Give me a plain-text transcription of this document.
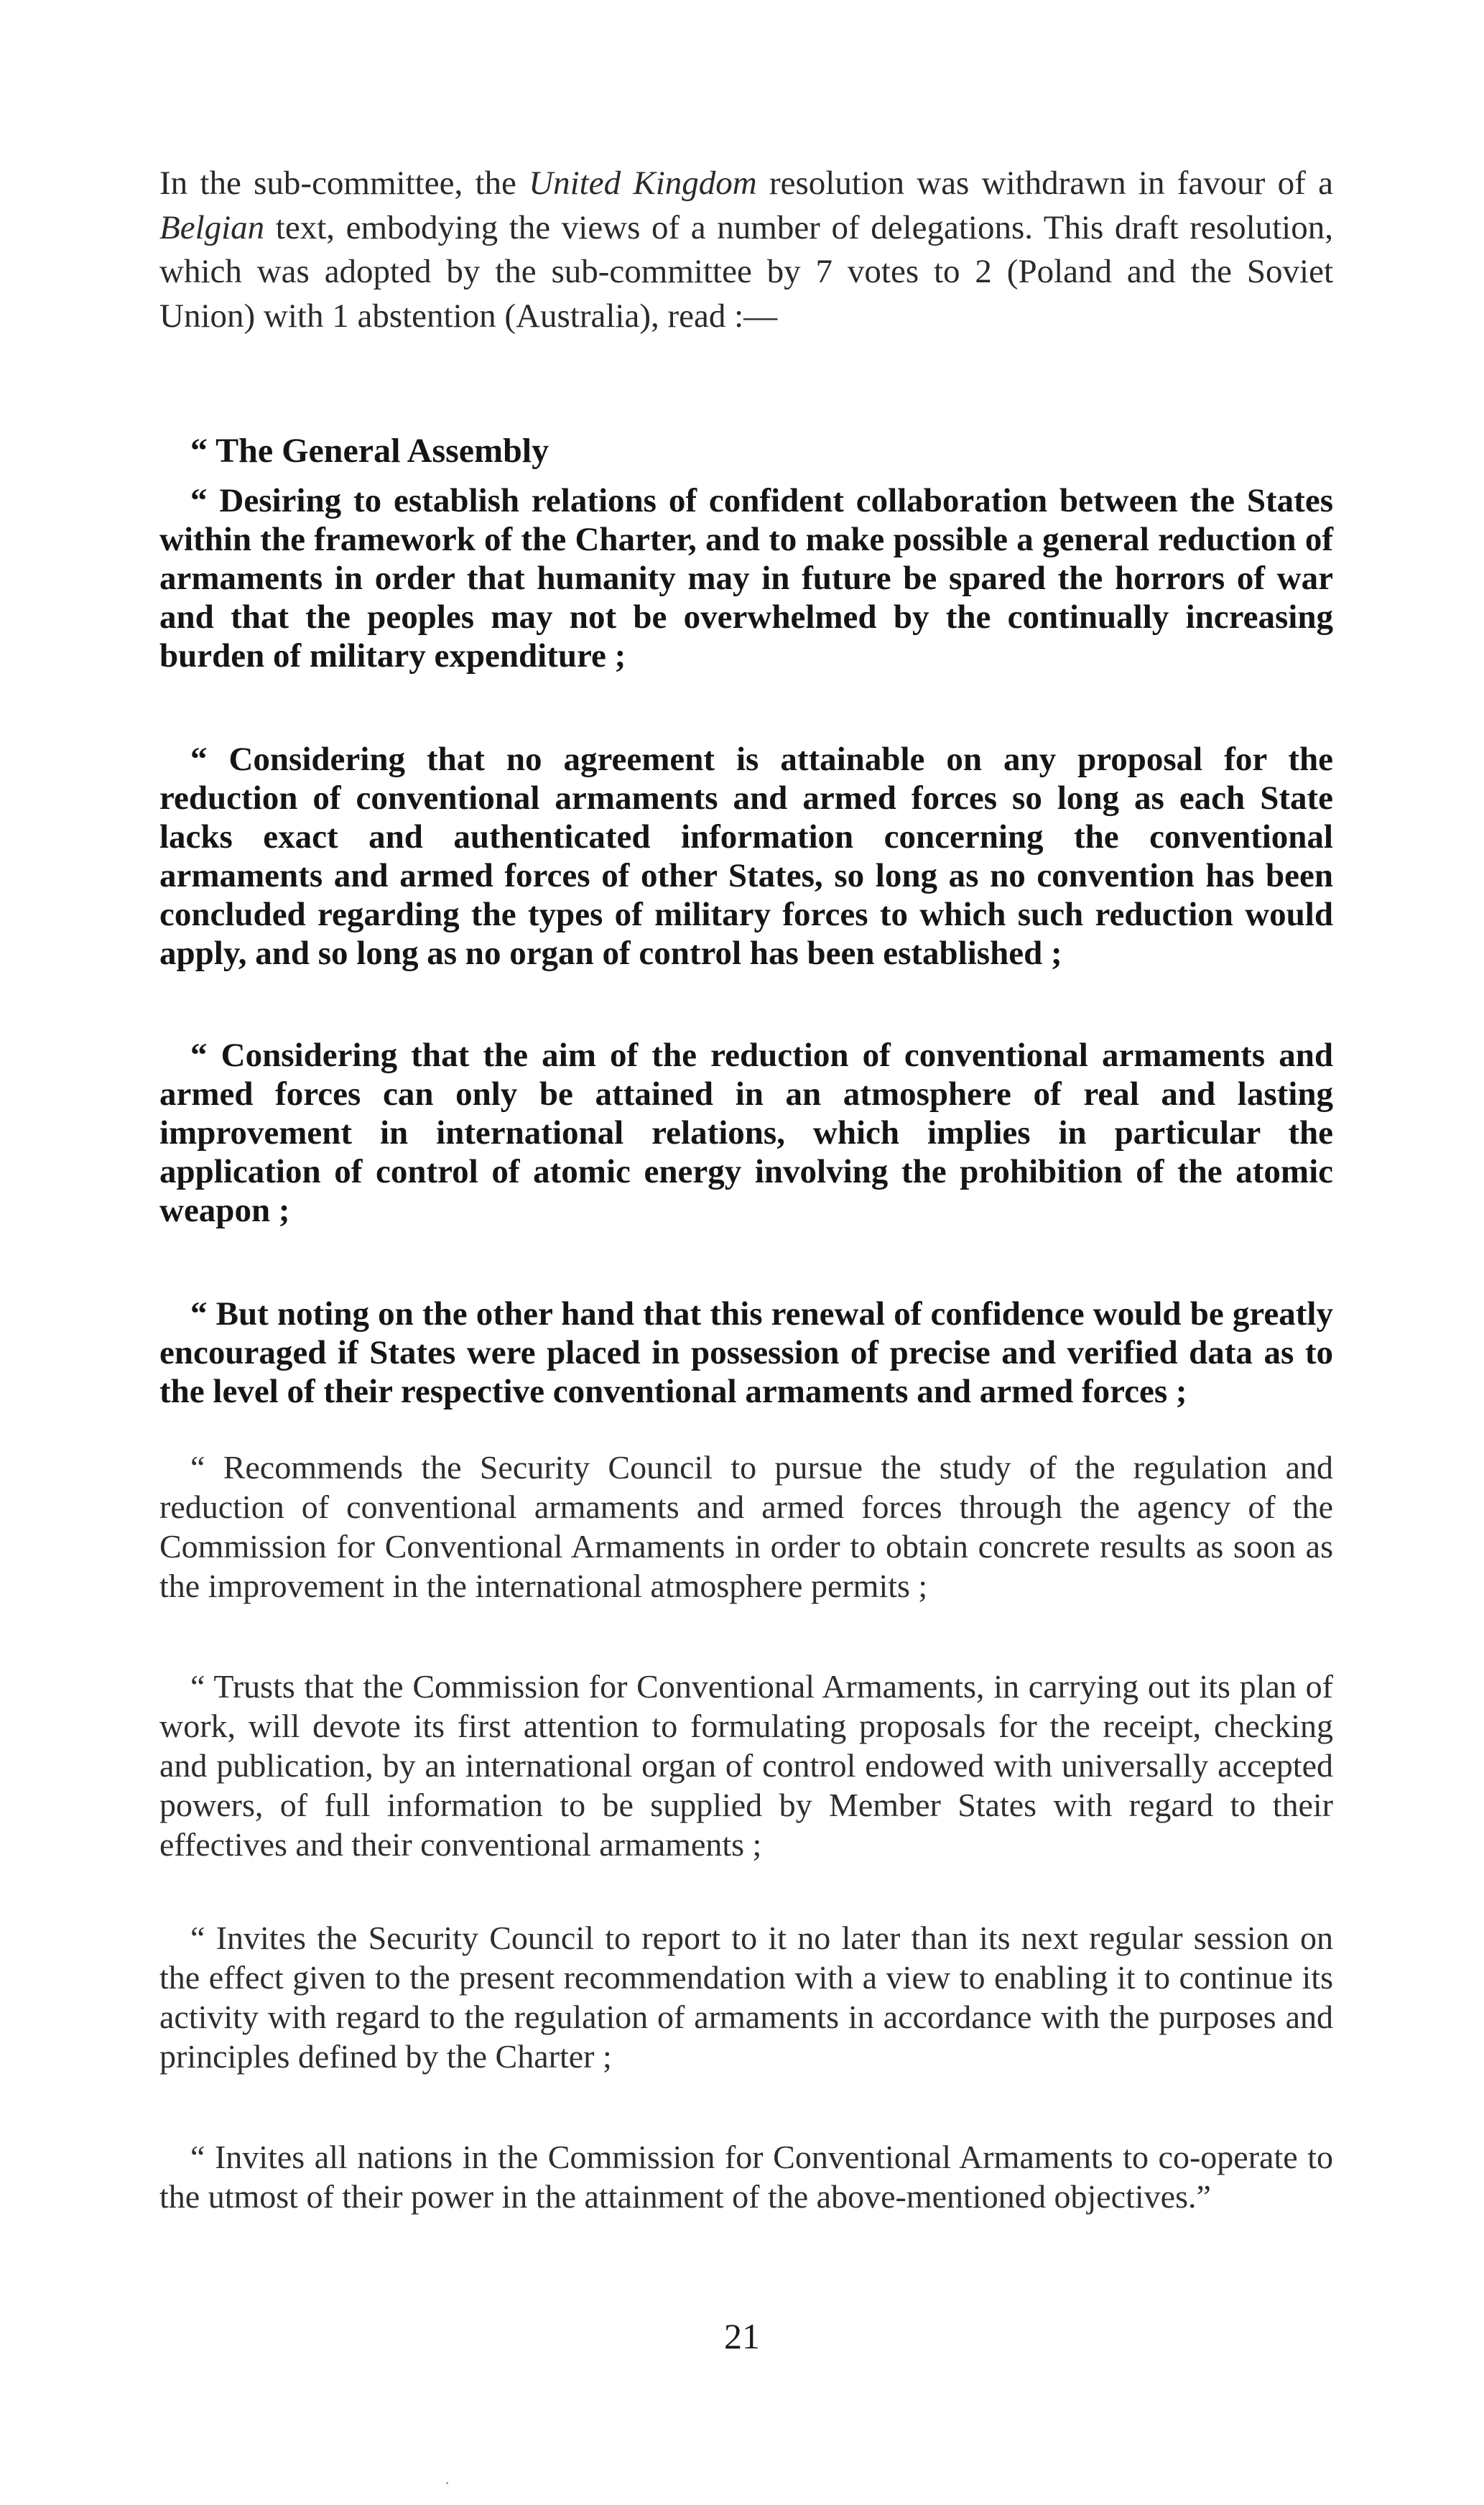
In the sub-committee, the United Kingdom resolution was withdrawn in favour of a Belgian text, embodying the views of a number of delegations. This draft resolution, which was adopted by the sub-committee by 7 votes to 2 (Poland and the Soviet Union) with 1 abstention (Australia), read :—

“ The General Assembly

“ Desiring to establish relations of confident collaboration between the States within the framework of the Charter, and to make possible a general reduction of armaments in order that humanity may in future be spared the horrors of war and that the peoples may not be overwhelmed by the continually increasing burden of military expenditure ;

“ Considering that no agreement is attainable on any proposal for the reduction of conventional armaments and armed forces so long as each State lacks exact and authenticated information concerning the conventional armaments and armed forces of other States, so long as no convention has been concluded regarding the types of military forces to which such reduction would apply, and so long as no organ of control has been established ;

“ Considering that the aim of the reduction of conventional armaments and armed forces can only be attained in an atmosphere of real and lasting improvement in international relations, which implies in particular the application of control of atomic energy involving the prohibition of the atomic weapon ;

“ But noting on the other hand that this renewal of confidence would be greatly encouraged if States were placed in possession of precise and verified data as to the level of their respective conventional armaments and armed forces ;

“ Recommends the Security Council to pursue the study of the regulation and reduction of conventional armaments and armed forces through the agency of the Commission for Conventional Armaments in order to obtain concrete results as soon as the improvement in the international atmosphere permits ;

“ Trusts that the Commission for Conventional Armaments, in carrying out its plan of work, will devote its first attention to formulating proposals for the receipt, checking and publication, by an international organ of control endowed with universally accepted powers, of full information to be supplied by Member States with regard to their effectives and their conventional armaments ;

“ Invites the Security Council to report to it no later than its next regular session on the effect given to the present recommendation with a view to enabling it to continue its activity with regard to the regulation of armaments in accordance with the purposes and principles defined by the Charter ;

“ Invites all nations in the Commission for Conventional Armaments to co-operate to the utmost of their power in the attainment of the above-mentioned objectives.”

21
